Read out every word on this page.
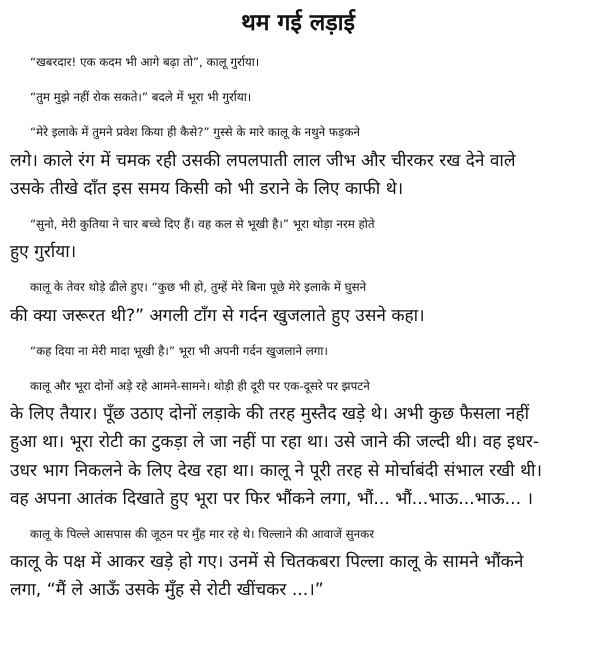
थम गई लड़ाई
“खबरदार! एक कदम भी आगे बढ़ा तो”, कालू गुर्राया।
“तुम मुझे नहीं रोक सकते।” बदले में भूरा भी गुर्राया।
“मेरे इलाके में तुमने प्रवेश किया ही कैसे?” गुस्से के मारे कालू के नथुने फड़कने
लगे। काले रंग में चमक रही उसकी लपलपाती लाल जीभ और चीरकर रख देने वाले
उसके तीखे दाँत इस समय किसी को भी डराने के लिए काफी थे।
“सुनो, मेरी कुतिया ने चार बच्चे दिए हैं। वह कल से भूखी है।” भूरा थोड़ा नरम होते
हुए गुर्राया।
कालू के तेवर थोड़े ढीले हुए। “कुछ भी हो, तुम्हें मेरे बिना पूछे मेरे इलाके में घुसने
की क्या जरूरत थी?” अगली टाँग से गर्दन खुजलाते हुए उसने कहा।
“कह दिया ना मेरी मादा भूखी है।” भूरा भी अपनी गर्दन खुजलाने लगा।
कालू और भूरा दोनों अड़े रहे आमने-सामने। थोड़ी ही दूरी पर एक-दूसरे पर झपटने
के लिए तैयार। पूँछ उठाए दोनों लड़ाके की तरह मुस्तैद खड़े थे। अभी कुछ फैसला नहीं
हुआ था। भूरा रोटी का टुकड़ा ले जा नहीं पा रहा था। उसे जाने की जल्दी थी। वह इधर-
उधर भाग निकलने के लिए देख रहा था। कालू ने पूरी तरह से मोर्चाबंदी संभाल रखी थी।
वह अपना आतंक दिखाते हुए भूरा पर फिर भौंकने लगा, भौं... भौं...भाऊ...भाऊ... ।
कालू के पिल्ले आसपास की जूठन पर मुँह मार रहे थे। चिल्लाने की आवाजें सुनकर
कालू के पक्ष में आकर खड़े हो गए। उनमें से चितकबरा पिल्ला कालू के सामने भौंकने
लगा, “मैं ले आऊँ उसके मुँह से रोटी खींचकर ...।”
